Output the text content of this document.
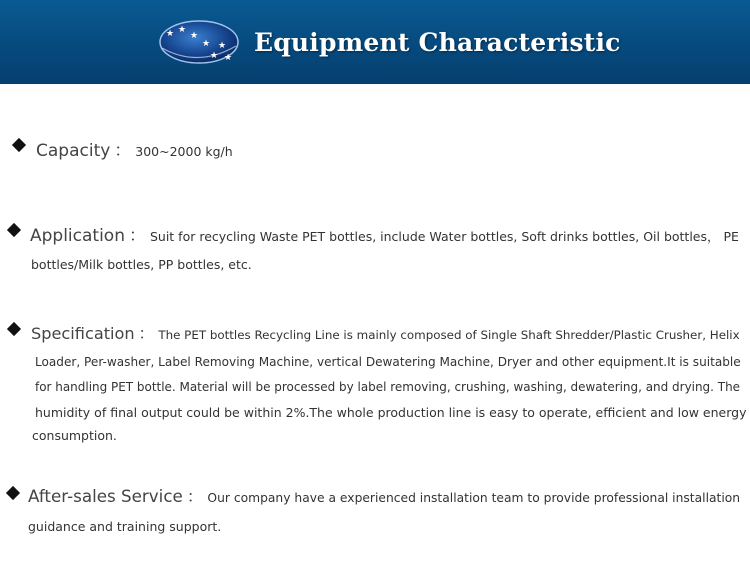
★ ★
★
★ ★
★ ★
Equipment Characteristic
Capacity ： 300~2000 kg/h
Application ： Suit for recycling Waste PET bottles, include Water bottles, Soft drinks bottles, Oil bottles， PE
bottles/Milk bottles, PP bottles, etc.
Specification ： The PET bottles Recycling Line is mainly composed of Single Shaft Shredder/Plastic Crusher, Helix
Loader, Per-washer, Label Removing Machine, vertical Dewatering Machine, Dryer and other equipment.It is suitable
for handling PET bottle. Material will be processed by label removing, crushing, washing, dewatering, and drying. The
humidity of final output could be within 2%.The whole production line is easy to operate, efficient and low energy
consumption.
After-sales Service ： Our company have a experienced installation team to provide professional installation
guidance and training support.
